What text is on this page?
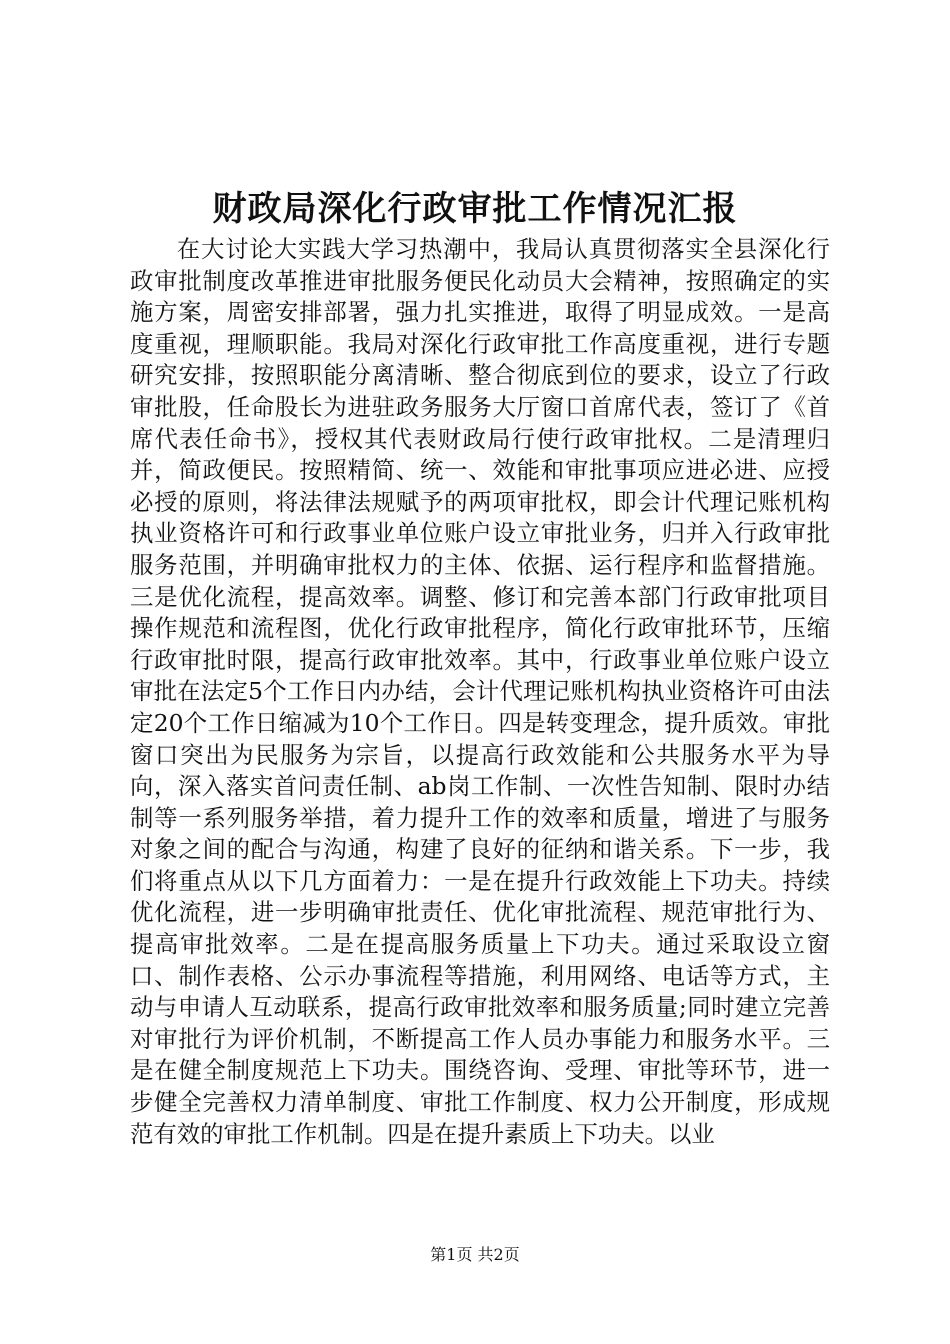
财政局深化行政审批工作情况汇报

在大讨论大实践大学习热潮中，我局认真贯彻落实全县深化行政审批制度改革推进审批服务便民化动员大会精神，按照确定的实施方案，周密安排部署，强力扎实推进，取得了明显成效。一是高度重视，理顺职能。我局对深化行政审批工作高度重视，进行专题研究安排，按照职能分离清晰、整合彻底到位的要求，设立了行政审批股，任命股长为进驻政务服务大厅窗口首席代表，签订了《首席代表任命书》，授权其代表财政局行使行政审批权。二是清理归并，简政便民。按照精简、统一、效能和审批事项应进必进、应授必授的原则，将法律法规赋予的两项审批权，即会计代理记账机构执业资格许可和行政事业单位账户设立审批业务，归并入行政审批服务范围，并明确审批权力的主体、依据、运行程序和监督措施。三是优化流程，提高效率。调整、修订和完善本部门行政审批项目操作规范和流程图，优化行政审批程序，简化行政审批环节，压缩行政审批时限，提高行政审批效率。其中，行政事业单位账户设立审批在法定5个工作日内办结，会计代理记账机构执业资格许可由法定20个工作日缩减为10个工作日。四是转变理念，提升质效。审批窗口突出为民服务为宗旨，以提高行政效能和公共服务水平为导向，深入落实首问责任制、ab岗工作制、一次性告知制、限时办结制等一系列服务举措，着力提升工作的效率和质量，增进了与服务对象之间的配合与沟通，构建了良好的征纳和谐关系。下一步，我们将重点从以下几方面着力：一是在提升行政效能上下功夫。持续优化流程，进一步明确审批责任、优化审批流程、规范审批行为、提高审批效率。二是在提高服务质量上下功夫。通过采取设立窗口、制作表格、公示办事流程等措施，利用网络、电话等方式，主动与申请人互动联系，提高行政审批效率和服务质量;同时建立完善对审批行为评价机制，不断提高工作人员办事能力和服务水平。三是在健全制度规范上下功夫。围绕咨询、受理、审批等环节，进一步健全完善权力清单制度、审批工作制度、权力公开制度，形成规范有效的审批工作机制。四是在提升素质上下功夫。以业

第1页 共2页
